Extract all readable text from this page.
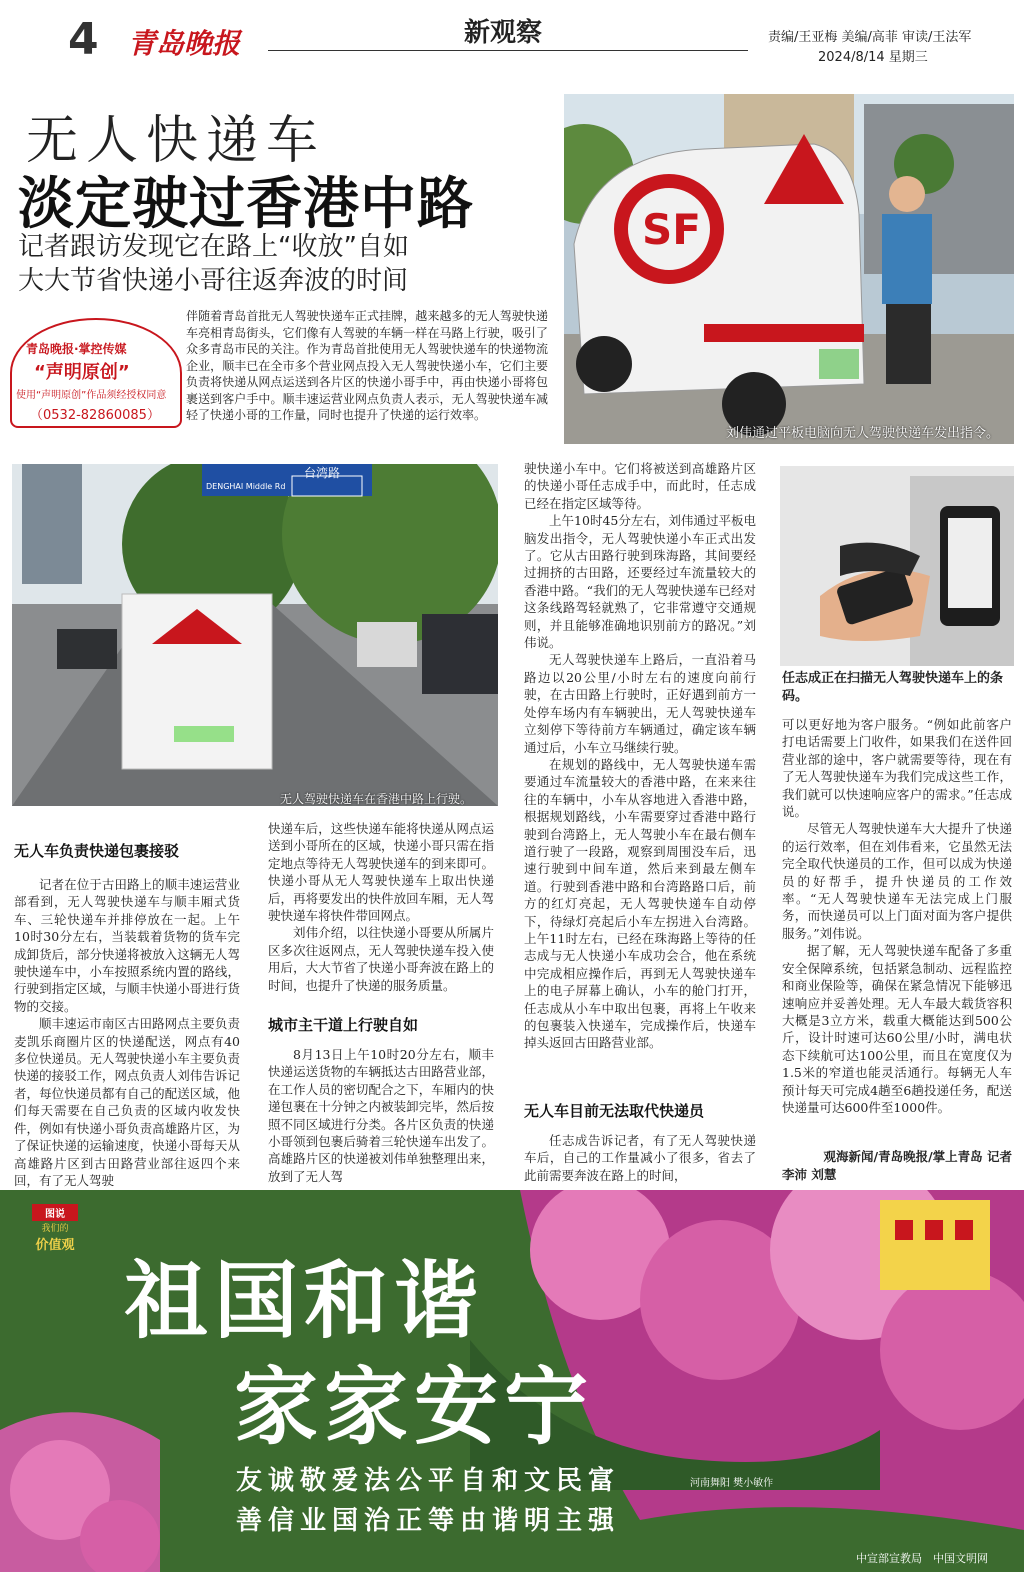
4 青岛晚报	新观察	责编/王亚梅 美编/高菲 审读/王法军
2024/8/14 星期三
无人快递车
淡定驶过香港中路
记者跟访发现它在路上“收放”自如
大大节省快递小哥往返奔波的时间
青岛晚报·掌控传媒
“声明原创”
使用“声明原创”作品须经授权同意
（0532-82860085）
伴随着青岛首批无人驾驶快递车正式挂牌，越来越多的无人驾驶快递车亮相青岛街头，它们像有人驾驶的车辆一样在马路上行驶，吸引了众多青岛市民的关注。作为青岛首批使用无人驾驶快递车的快递物流企业，顺丰已在全市多个营业网点投入无人驾驶快递小车，它们主要负责将快递从网点运送到各片区的快递小哥手中，再由快递小哥将包裹送到客户手中。顺丰速运营业网点负责人表示，无人驾驶快递车减轻了快递小哥的工作量，同时也提升了快递的运行效率。
SF
刘伟通过平板电脑向无人驾驶快递车发出指令。
台湾路
DENGHAI Middle Rd
无人驾驶快递车在香港中路上行驶。
任志成正在扫描无人驾驶快递车上的条码。
无人车负责快递包裹接驳

记者在位于古田路上的顺丰速运营业部看到，无人驾驶快递车与顺丰厢式货车、三轮快递车并排停放在一起。上午10时30分左右，当装载着货物的货车完成卸货后，部分快递将被放入这辆无人驾驶快递车中，小车按照系统内置的路线，行驶到指定区域，与顺丰快递小哥进行货物的交接。

顺丰速运市南区古田路网点主要负责麦凯乐商圈片区的快递配送，网点有40多位快递员。无人驾驶快递小车主要负责快递的接驳工作，网点负责人刘伟告诉记者，每位快递员都有自己的配送区域，他们每天需要在自己负责的区域内收发快件，例如有快递小哥负责高雄路片区，为了保证快递的运输速度，快递小哥每天从高雄路片区到古田路营业部往返四个来回，有了无人驾驶

快递车后，这些快递车能将快递从网点运送到小哥所在的区域，快递小哥只需在指定地点等待无人驾驶快递车的到来即可。快递小哥从无人驾驶快递车上取出快递后，再将要发出的快件放回车厢，无人驾驶快递车将快件带回网点。

刘伟介绍，以往快递小哥要从所属片区多次往返网点，无人驾驶快递车投入使用后，大大节省了快递小哥奔波在路上的时间，也提升了快递的服务质量。

城市主干道上行驶自如

8月13日上午10时20分左右，顺丰快递运送货物的车辆抵达古田路营业部，在工作人员的密切配合之下，车厢内的快递包裹在十分钟之内被装卸完毕，然后按照不同区域进行分类。各片区负责的快递小哥领到包裹后骑着三轮快递车出发了。高雄路片区的快递被刘伟单独整理出来，放到了无人驾

驶快递小车中。它们将被送到高雄路片区的快递小哥任志成手中，而此时，任志成已经在指定区域等待。

上午10时45分左右，刘伟通过平板电脑发出指令，无人驾驶快递小车正式出发了。它从古田路行驶到珠海路，其间要经过拥挤的古田路，还要经过车流量较大的香港中路。“我们的无人驾驶快递车已经对这条线路驾轻就熟了，它非常遵守交通规则，并且能够准确地识别前方的路况。”刘伟说。

无人驾驶快递车上路后，一直沿着马路边以20公里/小时左右的速度向前行驶，在古田路上行驶时，正好遇到前方一处停车场内有车辆驶出，无人驾驶快递车立刻停下等待前方车辆通过，确定该车辆通过后，小车立马继续行驶。

在规划的路线中，无人驾驶快递车需要通过车流量较大的香港中路，在来来往往的车辆中，小车从容地进入香港中路，根据规划路线，小车需要穿过香港中路行驶到台湾路上，无人驾驶小车在最右侧车道行驶了一段路，观察到周围没车后，迅速行驶到中间车道，然后来到最左侧车道。行驶到香港中路和台湾路路口后，前方的红灯亮起，无人驾驶快递车自动停下，待绿灯亮起后小车左拐进入台湾路。上午11时左右，已经在珠海路上等待的任志成与无人快递小车成功会合，他在系统中完成相应操作后，再到无人驾驶快递车上的电子屏幕上确认，小车的舱门打开，任志成从小车中取出包裹，再将上午收来的包裹装入快递车，完成操作后，快递车掉头返回古田路营业部。

无人车目前无法取代快递员

任志成告诉记者，有了无人驾驶快递车后，自己的工作量减小了很多，省去了此前需要奔波在路上的时间，

可以更好地为客户服务。“例如此前客户打电话需要上门收件，如果我们在送件回营业部的途中，客户就需要等待，现在有了无人驾驶快递车为我们完成这些工作，我们就可以快速响应客户的需求。”任志成说。

尽管无人驾驶快递车大大提升了快递的运行效率，但在刘伟看来，它虽然无法完全取代快递员的工作，但可以成为快递员的好帮手，提升快递员的工作效率。“无人驾驶快递车无法完成上门服务，而快递员可以上门面对面为客户提供服务。”刘伟说。

据了解，无人驾驶快递车配备了多重安全保障系统，包括紧急制动、远程监控和商业保险等，确保在紧急情况下能够迅速响应并妥善处理。无人车最大载货容积大概是3立方米，载重大概能达到500公斤，设计时速可达60公里/小时，满电状态下续航可达100公里，而且在宽度仅为1.5米的窄道也能灵活通行。每辆无人车预计每天可完成4趟至6趟投递任务，配送快递量可达600件至1000件。

观海新闻/青岛晚报/掌上青岛 记者
李沛 刘慧
图说
我们的
价值观
祖国和谐
家家安宁
友诚敬爱法公平自和文民富
善信业国治正等由谐明主强
河南舞阳 樊小敏作
中宣部宣教局　中国文明网
